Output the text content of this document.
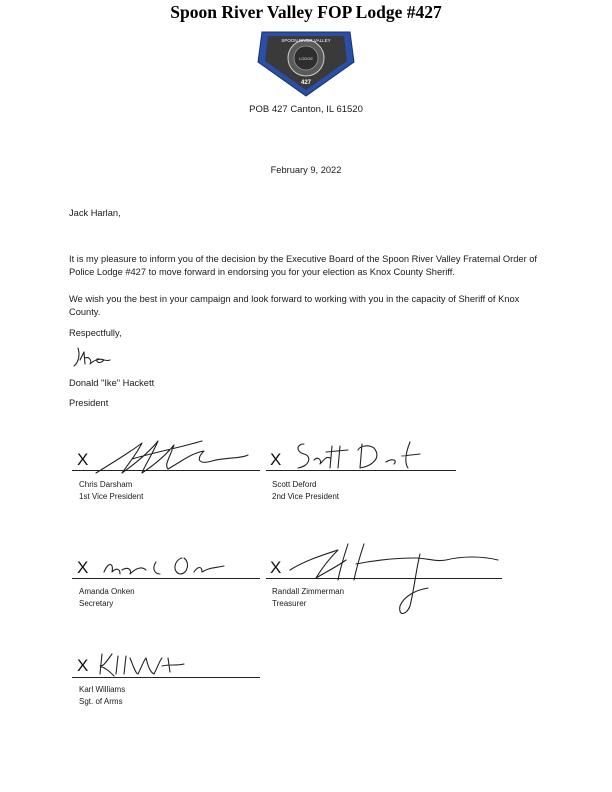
Spoon River Valley FOP Lodge #427
SPOON RIVER VALLEY
LODGE
427
POB 427 Canton, IL 61520

February 9, 2022

Jack Harlan,

It is my pleasure to inform you of the decision by the Executive Board of the Spoon River Valley Fraternal Order of Police Lodge #427 to move forward in endorsing you for your election as Knox County Sheriff.

We wish you the best in your campaign and look forward to working with you in the capacity of Sheriff of Knox County.

Respectfully,

Donald "Ike" Hackett

President

X
Chris Darsham
1st Vice President
X
Scott Deford
2nd Vice President
X
Amanda Onken
Secretary
X
Randall Zimmerman
Treasurer
X
Karl Williams
Sgt. of Arms
